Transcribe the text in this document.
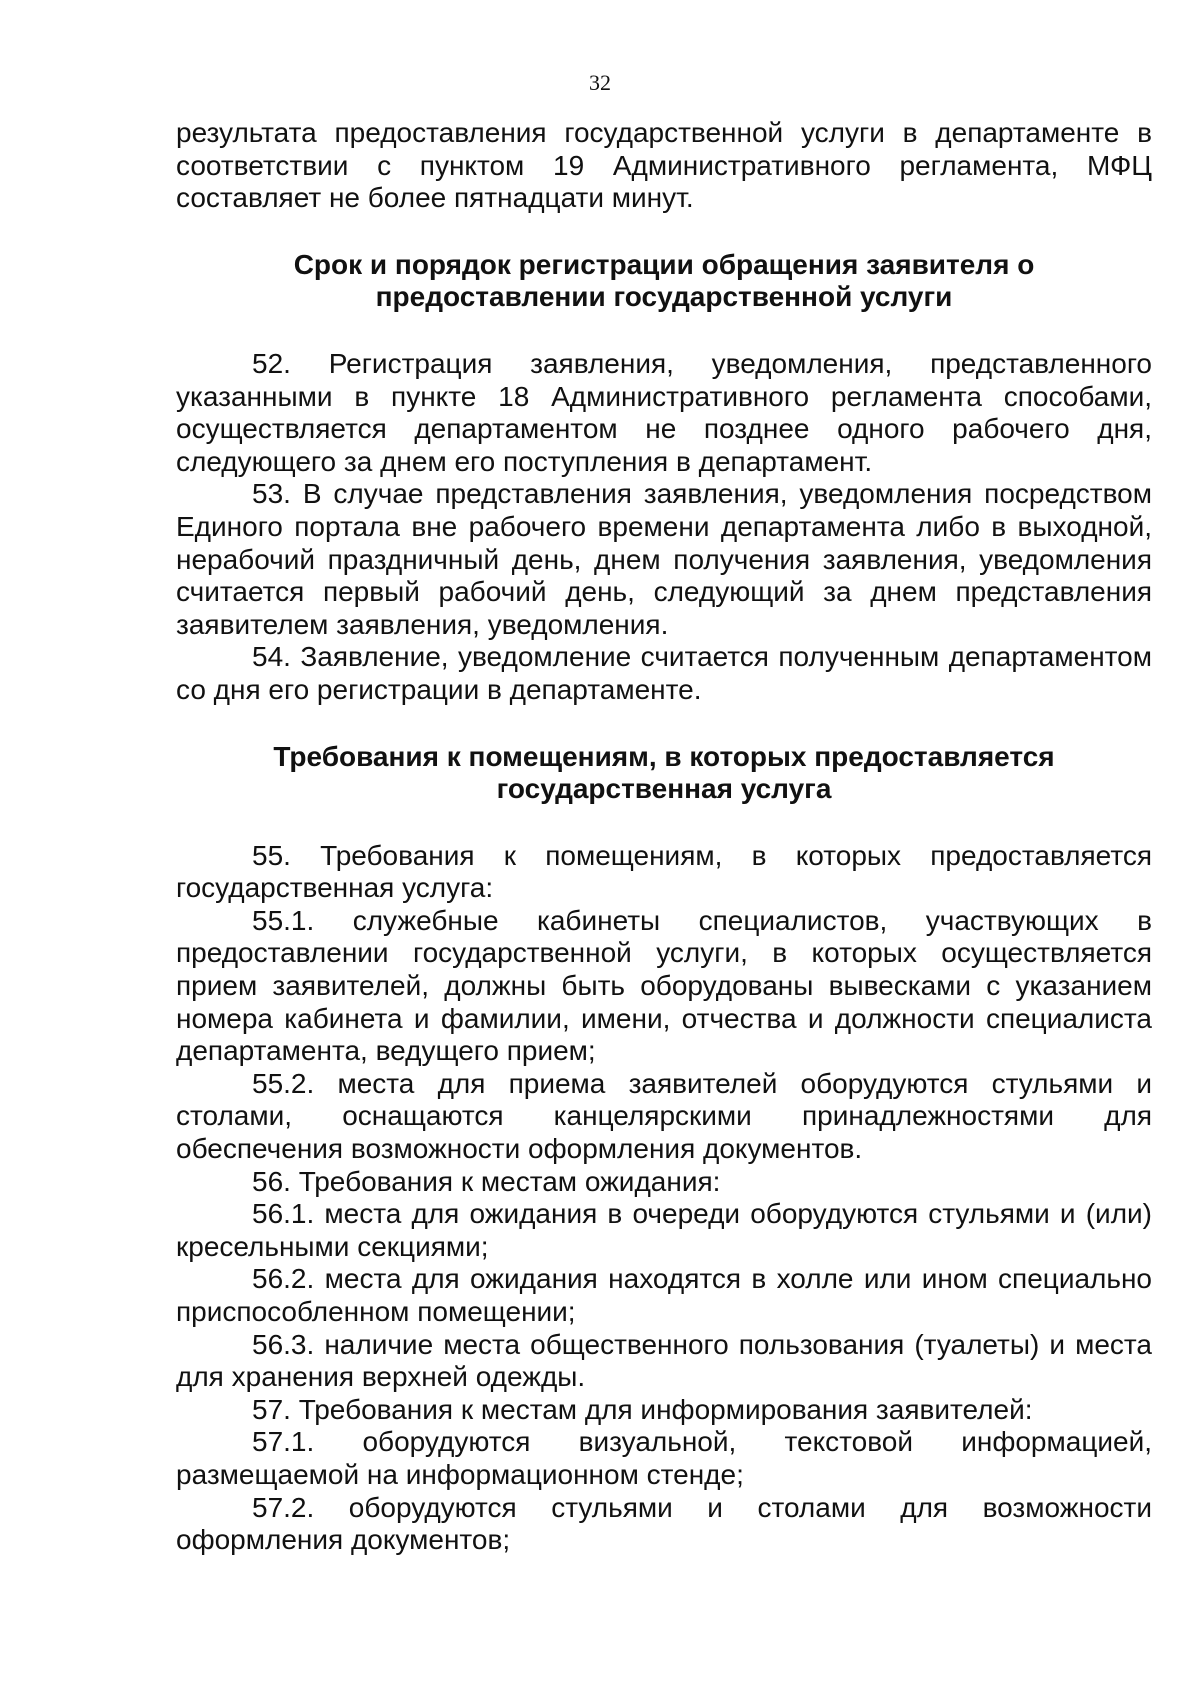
32

результата предоставления государственной услуги в департаменте в соответствии с пунктом 19 Административного регламента, МФЦ составляет не более пятнадцати минут.

Срок и порядок регистрации обращения заявителя о предоставлении государственной услуги

52. Регистрация заявления, уведомления, представленного указанными в пункте 18 Административного регламента способами, осуществляется департаментом не позднее одного рабочего дня, следующего за днем его поступления в департамент.

53. В случае представления заявления, уведомления посредством Единого портала вне рабочего времени департамента либо в выходной, нерабочий праздничный день, днем получения заявления, уведомления считается первый рабочий день, следующий за днем представления заявителем заявления, уведомления.

54. Заявление, уведомление считается полученным департаментом со дня его регистрации в департаменте.

Требования к помещениям, в которых предоставляется государственная услуга

55. Требования к помещениям, в которых предоставляется государственная услуга:

55.1. служебные кабинеты специалистов, участвующих в предоставлении государственной услуги, в которых осуществляется прием заявителей, должны быть оборудованы вывесками с указанием номера кабинета и фамилии, имени, отчества и должности специалиста департамента, ведущего прием;

55.2. места для приема заявителей оборудуются стульями и столами, оснащаются канцелярскими принадлежностями для обеспечения возможности оформления документов.

56. Требования к местам ожидания:

56.1. места для ожидания в очереди оборудуются стульями и (или) кресельными секциями;

56.2. места для ожидания находятся в холле или ином специально приспособленном помещении;

56.3. наличие места общественного пользования (туалеты) и места для хранения верхней одежды.

57. Требования к местам для информирования заявителей:

57.1. оборудуются визуальной, текстовой информацией, размещаемой на информационном стенде;

57.2. оборудуются стульями и столами для возможности оформления документов;
